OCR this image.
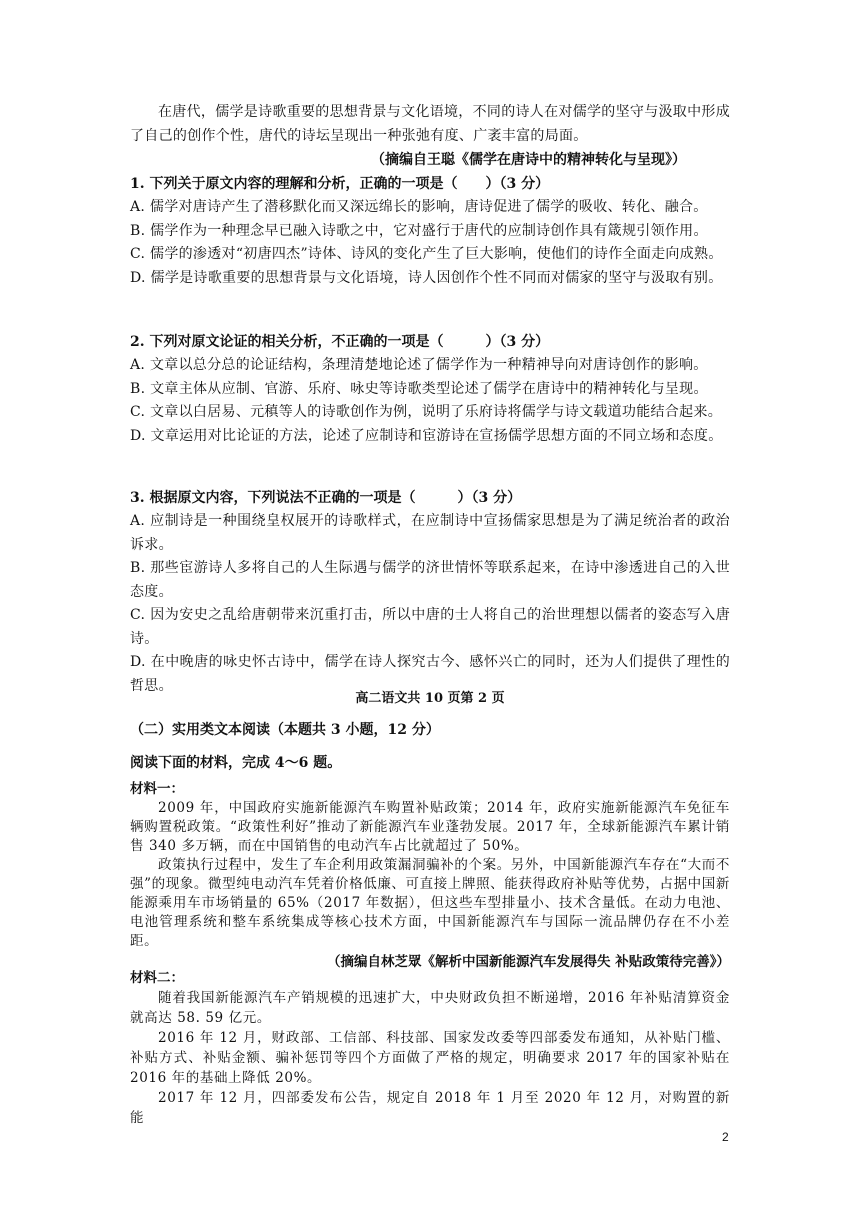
在唐代，儒学是诗歌重要的思想背景与文化语境，不同的诗人在对儒学的坚守与汲取中形成了自己的创作个性，唐代的诗坛呈现出一种张弛有度、广袤丰富的局面。

（摘编自王聪《儒学在唐诗中的精神转化与呈现》）

1. 下列关于原文内容的理解和分析，正确的一项是（　　）（3 分）

A. 儒学对唐诗产生了潜移默化而又深远绵长的影响，唐诗促进了儒学的吸收、转化、融合。

B. 儒学作为一种理念早已融入诗歌之中，它对盛行于唐代的应制诗创作具有箴规引领作用。

C. 儒学的渗透对“初唐四杰”诗体、诗风的变化产生了巨大影响，使他们的诗作全面走向成熟。

D. 儒学是诗歌重要的思想背景与文化语境，诗人因创作个性不同而对儒家的坚守与汲取有别。

2. 下列对原文论证的相关分析，不正确的一项是（　　　）（3 分）

A. 文章以总分总的论证结构，条理清楚地论述了儒学作为一种精神导向对唐诗创作的影响。

B. 文章主体从应制、官游、乐府、咏史等诗歌类型论述了儒学在唐诗中的精神转化与呈现。

C. 文章以白居易、元稹等人的诗歌创作为例，说明了乐府诗将儒学与诗文载道功能结合起来。

D. 文章运用对比论证的方法，论述了应制诗和宦游诗在宣扬儒学思想方面的不同立场和态度。

3. 根据原文内容，下列说法不正确的一项是（　　　）（3 分）

A. 应制诗是一种围绕皇权展开的诗歌样式，在应制诗中宣扬儒家思想是为了满足统治者的政治诉求。

B. 那些宦游诗人多将自己的人生际遇与儒学的济世情怀等联系起来，在诗中渗透进自己的入世态度。

C. 因为安史之乱给唐朝带来沉重打击，所以中唐的士人将自己的治世理想以儒者的姿态写入唐诗。

D. 在中晚唐的咏史怀古诗中，儒学在诗人探究古今、感怀兴亡的同时，还为人们提供了理性的哲思。

高二语文共 10 页第 2 页

（二）实用类文本阅读（本题共 3 小题，12 分）

阅读下面的材料，完成 4～6 题。

材料一：

2009 年，中国政府实施新能源汽车购置补贴政策；2014 年，政府实施新能源汽车免征车辆购置税政策。“政策性利好”推动了新能源汽车业蓬勃发展。2017 年，全球新能源汽车累计销售 340 多万辆，而在中国销售的电动汽车占比就超过了 50%。

政策执行过程中，发生了车企利用政策漏洞骗补的个案。另外，中国新能源汽车存在“大而不强”的现象。微型纯电动汽车凭着价格低廉、可直接上牌照、能获得政府补贴等优势，占据中国新能源乘用车市场销量的 65%（2017 年数据），但这些车型排量小、技术含量低。在动力电池、电池管理系统和整车系统集成等核心技术方面，中国新能源汽车与国际一流品牌仍存在不小差距。

（摘编自林芝眾《解析中国新能源汽车发展得失 补贴政策待完善》）

材料二：

随着我国新能源汽车产销规模的迅速扩大，中央财政负担不断递增，2016 年补贴清算资金就高达 58. 59 亿元。

2016 年 12 月，财政部、工信部、科技部、国家发改委等四部委发布通知，从补贴门槛、补贴方式、补贴金额、骗补惩罚等四个方面做了严格的规定，明确要求 2017 年的国家补贴在 2016 年的基础上降低 20%。

2017 年 12 月，四部委发布公告，规定自 2018 年 1 月至 2020 年 12 月，对购置的新能

2
